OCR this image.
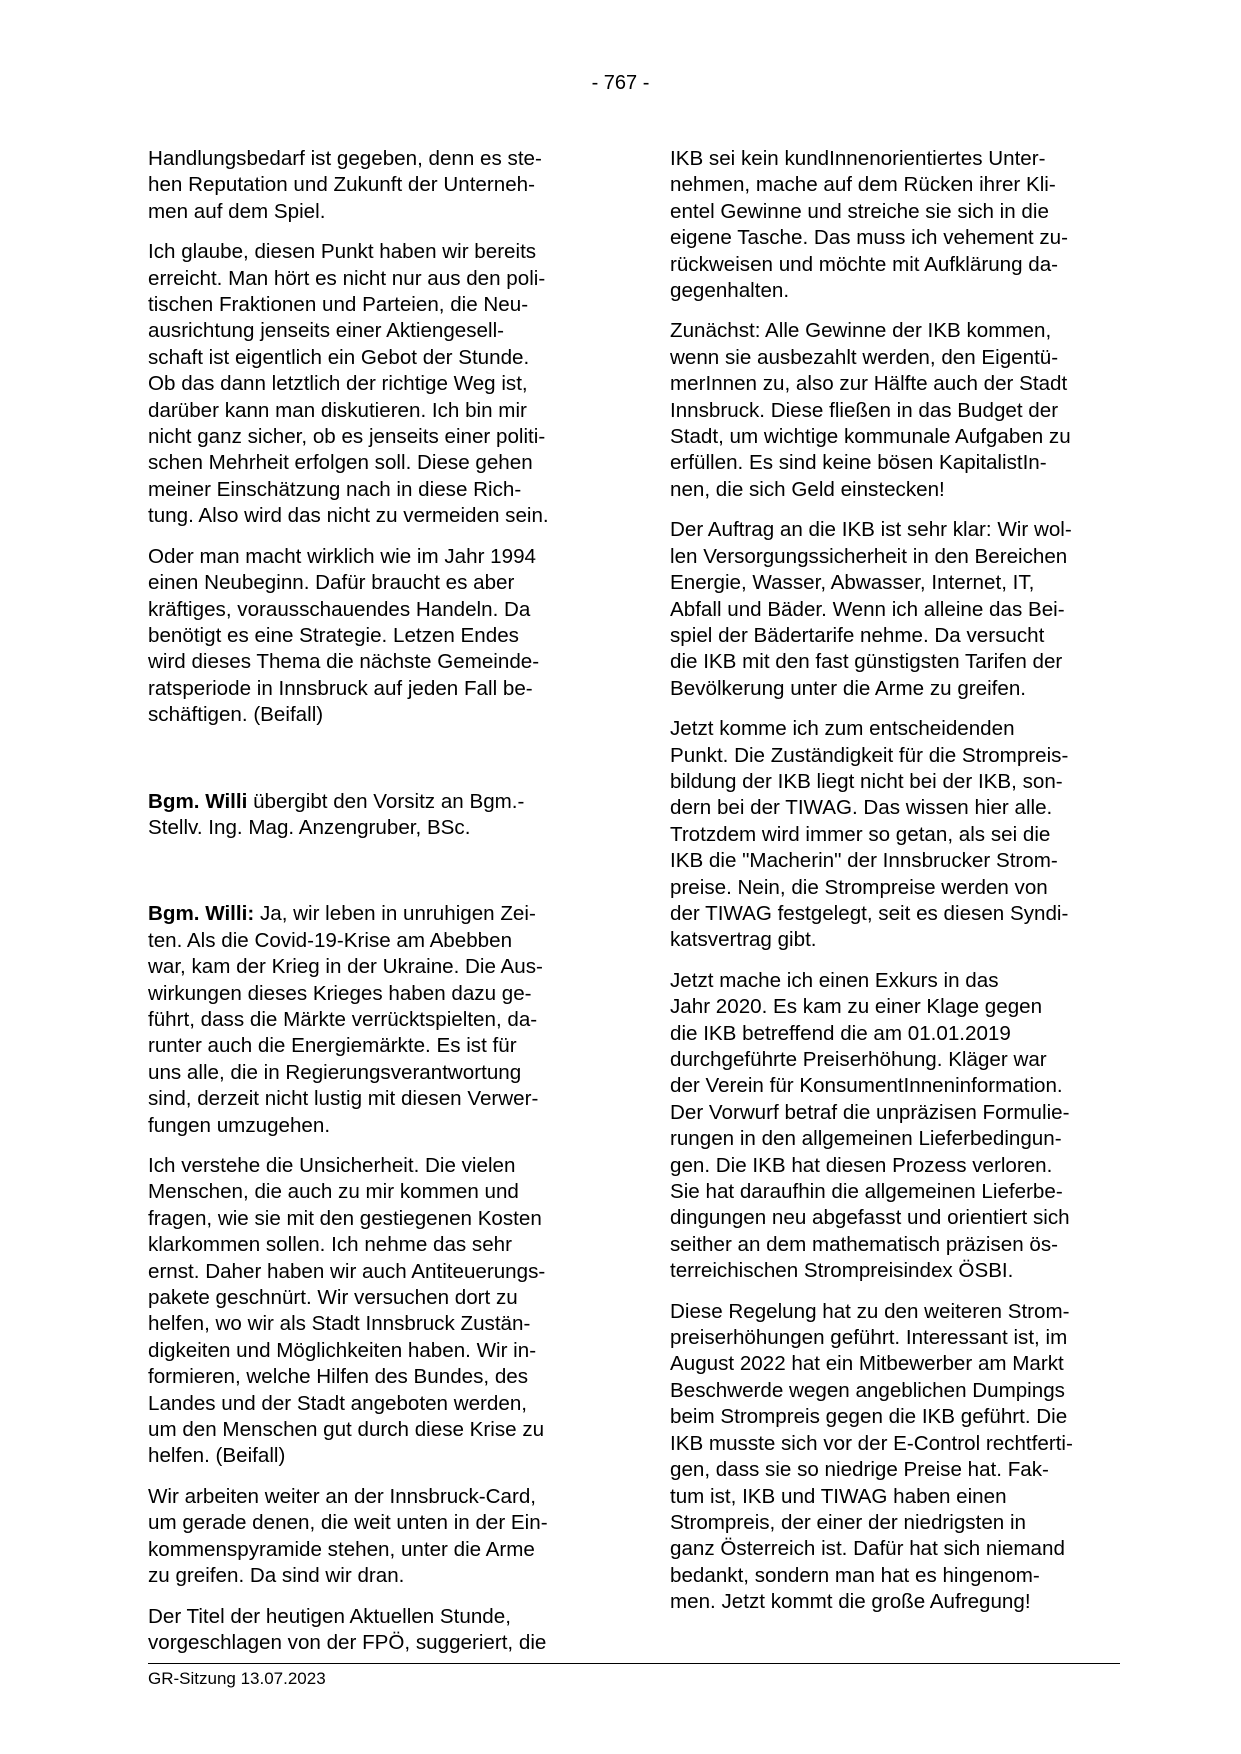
- 767 -

Handlungsbedarf ist gegeben, denn es ste-
hen Reputation und Zukunft der Unterneh-
men auf dem Spiel.

Ich glaube, diesen Punkt haben wir bereits
erreicht. Man hört es nicht nur aus den poli-
tischen Fraktionen und Parteien, die Neu-
ausrichtung jenseits einer Aktiengesell-
schaft ist eigentlich ein Gebot der Stunde.
Ob das dann letztlich der richtige Weg ist,
darüber kann man diskutieren. Ich bin mir
nicht ganz sicher, ob es jenseits einer politi-
schen Mehrheit erfolgen soll. Diese gehen
meiner Einschätzung nach in diese Rich-
tung. Also wird das nicht zu vermeiden sein.

Oder man macht wirklich wie im Jahr 1994
einen Neubeginn. Dafür braucht es aber
kräftiges, vorausschauendes Handeln. Da
benötigt es eine Strategie. Letzen Endes
wird dieses Thema die nächste Gemeinde-
ratsperiode in Innsbruck auf jeden Fall be-
schäftigen. (Beifall)

Bgm. Willi übergibt den Vorsitz an Bgm.-
Stellv. Ing. Mag. Anzengruber, BSc.

Bgm. Willi: Ja, wir leben in unruhigen Zei-
ten. Als die Covid-19-Krise am Abebben
war, kam der Krieg in der Ukraine. Die Aus-
wirkungen dieses Krieges haben dazu ge-
führt, dass die Märkte verrücktspielten, da-
runter auch die Energiemärkte. Es ist für
uns alle, die in Regierungsverantwortung
sind, derzeit nicht lustig mit diesen Verwer-
fungen umzugehen.

Ich verstehe die Unsicherheit. Die vielen
Menschen, die auch zu mir kommen und
fragen, wie sie mit den gestiegenen Kosten
klarkommen sollen. Ich nehme das sehr
ernst. Daher haben wir auch Antiteuerungs-
pakete geschnürt. Wir versuchen dort zu
helfen, wo wir als Stadt Innsbruck Zustän-
digkeiten und Möglichkeiten haben. Wir in-
formieren, welche Hilfen des Bundes, des
Landes und der Stadt angeboten werden,
um den Menschen gut durch diese Krise zu
helfen. (Beifall)

Wir arbeiten weiter an der Innsbruck-Card,
um gerade denen, die weit unten in der Ein-
kommenspyramide stehen, unter die Arme
zu greifen. Da sind wir dran.

Der Titel der heutigen Aktuellen Stunde,
vorgeschlagen von der FPÖ, suggeriert, die

IKB sei kein kundInnenorientiertes Unter-
nehmen, mache auf dem Rücken ihrer Kli-
entel Gewinne und streiche sie sich in die
eigene Tasche. Das muss ich vehement zu-
rückweisen und möchte mit Aufklärung da-
gegenhalten.

Zunächst: Alle Gewinne der IKB kommen,
wenn sie ausbezahlt werden, den Eigentü-
merInnen zu, also zur Hälfte auch der Stadt
Innsbruck. Diese fließen in das Budget der
Stadt, um wichtige kommunale Aufgaben zu
erfüllen. Es sind keine bösen KapitalistIn-
nen, die sich Geld einstecken!

Der Auftrag an die IKB ist sehr klar: Wir wol-
len Versorgungssicherheit in den Bereichen
Energie, Wasser, Abwasser, Internet, IT,
Abfall und Bäder. Wenn ich alleine das Bei-
spiel der Bädertarife nehme. Da versucht
die IKB mit den fast günstigsten Tarifen der
Bevölkerung unter die Arme zu greifen.

Jetzt komme ich zum entscheidenden
Punkt. Die Zuständigkeit für die Strompreis-
bildung der IKB liegt nicht bei der IKB, son-
dern bei der TIWAG. Das wissen hier alle.
Trotzdem wird immer so getan, als sei die
IKB die "Macherin" der Innsbrucker Strom-
preise. Nein, die Strompreise werden von
der TIWAG festgelegt, seit es diesen Syndi-
katsvertrag gibt.

Jetzt mache ich einen Exkurs in das
Jahr 2020. Es kam zu einer Klage gegen
die IKB betreffend die am 01.01.2019
durchgeführte Preiserhöhung. Kläger war
der Verein für KonsumentInneninformation.
Der Vorwurf betraf die unpräzisen Formulie-
rungen in den allgemeinen Lieferbedingun-
gen. Die IKB hat diesen Prozess verloren.
Sie hat daraufhin die allgemeinen Lieferbe-
dingungen neu abgefasst und orientiert sich
seither an dem mathematisch präzisen ös-
terreichischen Strompreisindex ÖSBI.

Diese Regelung hat zu den weiteren Strom-
preiserhöhungen geführt. Interessant ist, im
August 2022 hat ein Mitbewerber am Markt
Beschwerde wegen angeblichen Dumpings
beim Strompreis gegen die IKB geführt. Die
IKB musste sich vor der E-Control rechtferti-
gen, dass sie so niedrige Preise hat. Fak-
tum ist, IKB und TIWAG haben einen
Strompreis, der einer der niedrigsten in
ganz Österreich ist. Dafür hat sich niemand
bedankt, sondern man hat es hingenom-
men. Jetzt kommt die große Aufregung!

GR-Sitzung 13.07.2023
